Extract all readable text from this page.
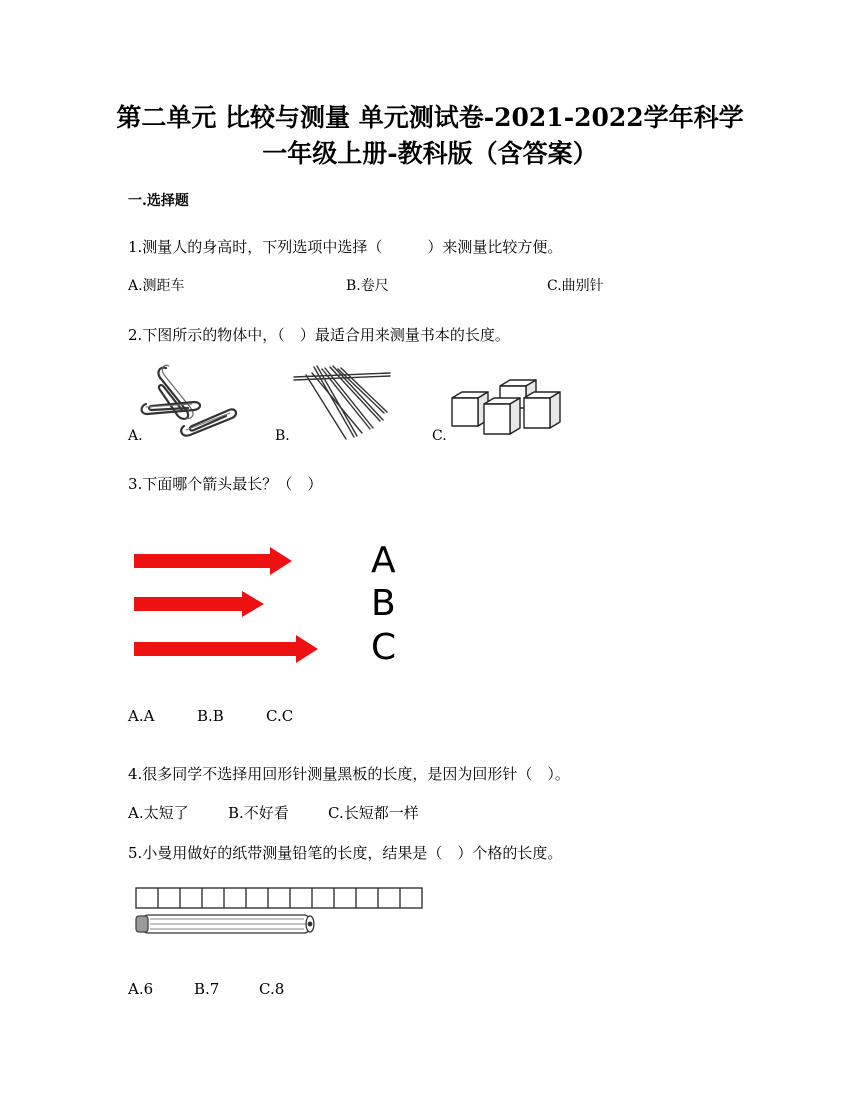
第二单元 比较与测量 单元测试卷-2021-2022学年科学
一年级上册-教科版（含答案）
一.选择题
1.测量人的身高时，下列选项中选择（　　　）来测量比较方便。
A.测距车	B.卷尺	C.曲别针
2.下图所示的物体中，（　）最适合用来测量书本的长度。
A.	B.	C.
3.下面哪个箭头最长？（　）
A
B
C
A.A	B.B	C.C
4.很多同学不选择用回形针测量黑板的长度，是因为回形针（　）。
A.太短了	B.不好看	C.长短都一样
5.小曼用做好的纸带测量铅笔的长度，结果是（　）个格的长度。
A.6	B.7	C.8
